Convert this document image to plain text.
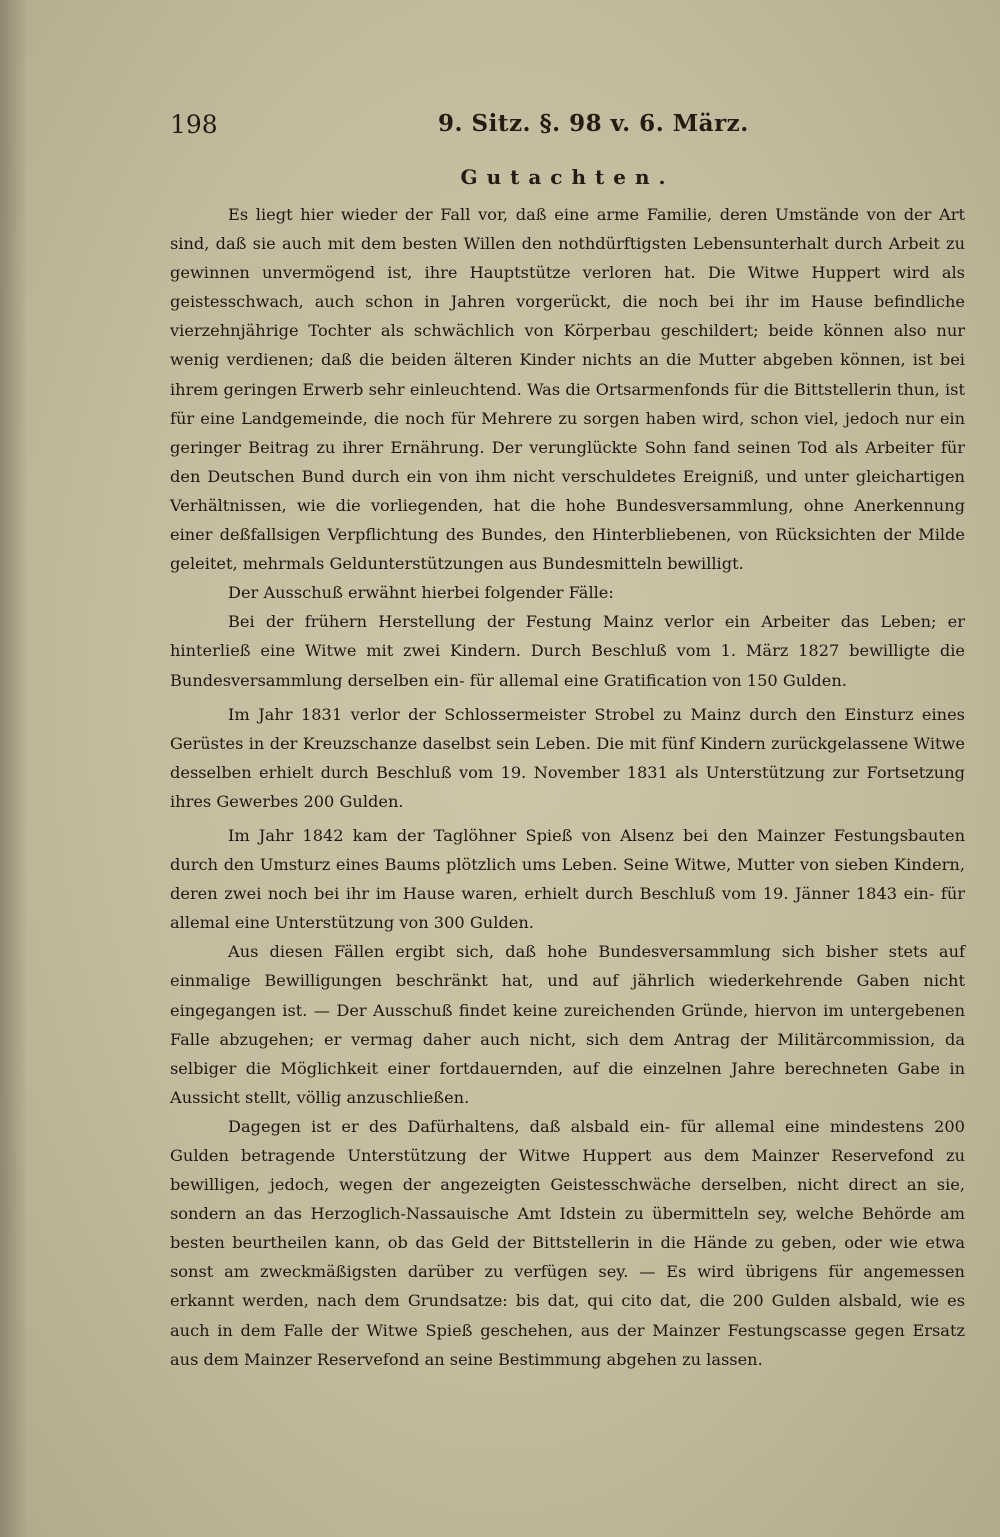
198	9. Sitz. §. 98 v. 6. März.
Gutachten.

Es liegt hier wieder der Fall vor, daß eine arme Familie, deren Umstände von der Art sind, daß sie auch mit dem besten Willen den nothdürftigsten Lebensunterhalt durch Arbeit zu gewinnen unvermögend ist, ihre Hauptstütze verloren hat. Die Witwe Huppert wird als geistesschwach, auch schon in Jahren vorgerückt, die noch bei ihr im Hause befindliche vierzehnjährige Tochter als schwächlich von Körperbau geschildert; beide können also nur wenig verdienen; daß die beiden älteren Kinder nichts an die Mutter abgeben können, ist bei ihrem geringen Erwerb sehr einleuchtend. Was die Ortsarmenfonds für die Bittstellerin thun, ist für eine Landgemeinde, die noch für Mehrere zu sorgen haben wird, schon viel, jedoch nur ein geringer Beitrag zu ihrer Ernährung. Der verunglückte Sohn fand seinen Tod als Arbeiter für den Deutschen Bund durch ein von ihm nicht verschuldetes Ereigniß, und unter gleichartigen Verhältnissen, wie die vorliegenden, hat die hohe Bundesversammlung, ohne Anerkennung einer deßfallsigen Verpflichtung des Bundes, den Hinterbliebenen, von Rücksichten der Milde geleitet, mehrmals Geldunterstützungen aus Bundesmitteln bewilligt.

Der Ausschuß erwähnt hierbei folgender Fälle:

Bei der frühern Herstellung der Festung Mainz verlor ein Arbeiter das Leben; er hinterließ eine Witwe mit zwei Kindern. Durch Beschluß vom 1. März 1827 bewilligte die Bundesversammlung derselben ein- für allemal eine Gratification von 150 Gulden.

Im Jahr 1831 verlor der Schlossermeister Strobel zu Mainz durch den Einsturz eines Gerüstes in der Kreuzschanze daselbst sein Leben. Die mit fünf Kindern zurückgelassene Witwe desselben erhielt durch Beschluß vom 19. November 1831 als Unterstützung zur Fortsetzung ihres Gewerbes 200 Gulden.

Im Jahr 1842 kam der Taglöhner Spieß von Alsenz bei den Mainzer Festungsbauten durch den Umsturz eines Baums plötzlich ums Leben. Seine Witwe, Mutter von sieben Kindern, deren zwei noch bei ihr im Hause waren, erhielt durch Beschluß vom 19. Jänner 1843 ein- für allemal eine Unterstützung von 300 Gulden.

Aus diesen Fällen ergibt sich, daß hohe Bundesversammlung sich bisher stets auf einmalige Bewilligungen beschränkt hat, und auf jährlich wiederkehrende Gaben nicht eingegangen ist. — Der Ausschuß findet keine zureichenden Gründe, hiervon im untergebenen Falle abzugehen; er vermag daher auch nicht, sich dem Antrag der Militärcommission, da selbiger die Möglichkeit einer fortdauernden, auf die einzelnen Jahre berechneten Gabe in Aussicht stellt, völlig anzuschließen.

Dagegen ist er des Dafürhaltens, daß alsbald ein- für allemal eine mindestens 200 Gulden betragende Unterstützung der Witwe Huppert aus dem Mainzer Reservefond zu bewilligen, jedoch, wegen der angezeigten Geistesschwäche derselben, nicht direct an sie, sondern an das Herzoglich-Nassauische Amt Idstein zu übermitteln sey, welche Behörde am besten beurtheilen kann, ob das Geld der Bittstellerin in die Hände zu geben, oder wie etwa sonst am zweckmäßigsten darüber zu verfügen sey. — Es wird übrigens für angemessen erkannt werden, nach dem Grundsatze: bis dat, qui cito dat, die 200 Gulden alsbald, wie es auch in dem Falle der Witwe Spieß geschehen, aus der Mainzer Festungscasse gegen Ersatz aus dem Mainzer Reservefond an seine Bestimmung abgehen zu lassen.
